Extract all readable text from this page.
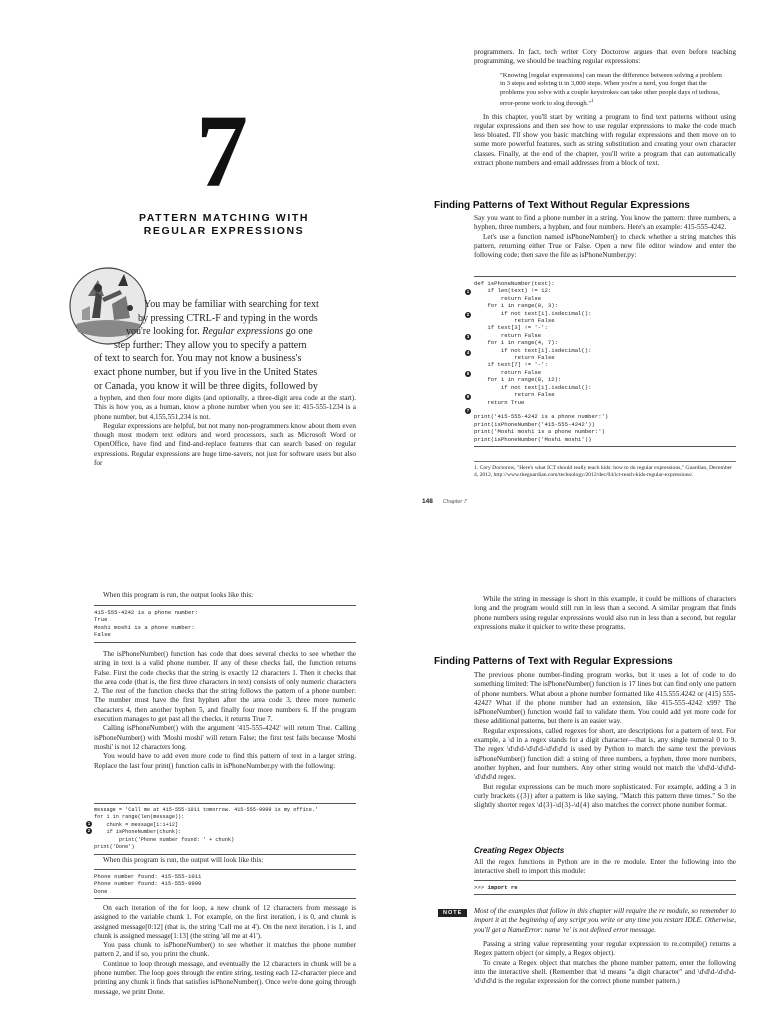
7
PATTERN MATCHING WITH
REGULAR EXPRESSIONS
You may be familiar with searching for text
by pressing CTRL-F and typing in the words
you're looking for. Regular expressions go one
step further: They allow you to specify a pattern
of text to search for. You may not know a business's
exact phone number, but if you live in the United States
or Canada, you know it will be three digits, followed by

a hyphen, and then four more digits (and optionally, a three-digit area code at the start). This is how you, as a human, know a phone number when you see it: 415-555-1234 is a phone number, but 4,155,551,234 is not.

Regular expressions are helpful, but not many non-programmers know about them even though most modern text editors and word processors, such as Microsoft Word or OpenOffice, have find and find-and-replace features that can search based on regular expressions. Regular expressions are huge time-savers, not just for software users but also for

programmers. In fact, tech writer Cory Doctorow argues that even before teaching programming, we should be teaching regular expressions:

"Knowing [regular expressions] can mean the difference between solving a problem in 3 steps and solving it in 3,000 steps. When you're a nerd, you forget that the problems you solve with a couple keystrokes can take other people days of tedious, error-prone work to slog through."$^1$

In this chapter, you'll start by writing a program to find text patterns without using regular expressions and then see how to use regular expressions to make the code much less bloated. I'll show you basic matching with regular expressions and then move on to some more powerful features, such as string substitution and creating your own character classes. Finally, at the end of the chapter, you'll write a program that can automatically extract phone numbers and email addresses from a block of text.

Finding Patterns of Text Without Regular Expressions

Say you want to find a phone number in a string. You know the pattern: three numbers, a hyphen, three numbers, a hyphen, and four numbers. Here's an example: 415-555-4242.

Let's use a function named isPhoneNumber() to check whether a string matches this pattern, returning either True or False. Open a new file editor window and enter the following code; then save the file as isPhoneNumber.py:

def isPhoneNumber(text):
if len(text) != 12:
return False
for i in range(0, 3):
if not text[i].isdecimal():
return False
if text[3] != '-':
return False
for i in range(4, 7):
if not text[i].isdecimal():
return False
if text[7] != '-':
return False
for i in range(8, 12):
if not text[i].isdecimal():
return False
return True

print('415-555-4242 is a phone number:')
print(isPhoneNumber('415-555-4242'))
print('Moshi moshi is a phone number:')
print(isPhoneNumber('Moshi moshi'))
1
2
3
4
5
6
7

1. Cory Doctorow, "Here's what ICT should really teach kids: how to do regular expressions," Guardian, December 4, 2012, http://www.theguardian.com/technology/2012/dec/04/ict-teach-kids-regular-expressions/.

148 Chapter 7

When this program is run, the output looks like this:

415-555-4242 is a phone number:
True
Moshi moshi is a phone number:
False

The isPhoneNumber() function has code that does several checks to see whether the string in text is a valid phone number. If any of these checks fail, the function returns False. First the code checks that the string is exactly 12 characters 1. Then it checks that the area code (that is, the first three characters in text) consists of only numeric characters 2. The rest of the function checks that the string follows the pattern of a phone number: The number must have the first hyphen after the area code 3, three more numeric characters 4, then another hyphen 5, and finally four more numbers 6. If the program execution manages to get past all the checks, it returns True 7.

Calling isPhoneNumber() with the argument '415-555-4242' will return True. Calling isPhoneNumber() with 'Moshi moshi' will return False; the first test fails because 'Moshi moshi' is not 12 characters long.

You would have to add even more code to find this pattern of text in a larger string. Replace the last four print() function calls in isPhoneNumber.py with the following:

message = 'Call me at 415-555-1011 tomorrow. 415-555-9999 is my office.'
for i in range(len(message)):
chunk = message[i:i+12]
if isPhoneNumber(chunk):
print('Phone number found: ' + chunk)
print('Done')
1
2

When this program is run, the output will look like this:

Phone number found: 415-555-1011
Phone number found: 415-555-9999
Done

On each iteration of the for loop, a new chunk of 12 characters from message is assigned to the variable chunk 1. For example, on the first iteration, i is 0, and chunk is assigned message[0:12] (that is, the string 'Call me at 4'). On the next iteration, i is 1, and chunk is assigned message[1:13] (the string 'all me at 41').

You pass chunk to isPhoneNumber() to see whether it matches the phone number pattern 2, and if so, you print the chunk.

Continue to loop through message, and eventually the 12 characters in chunk will be a phone number. The loop goes through the entire string, testing each 12-character piece and printing any chunk it finds that satisfies isPhoneNumber(). Once we're done going through message, we print Done.

While the string in message is short in this example, it could be millions of characters long and the program would still run in less than a second. A similar program that finds phone numbers using regular expressions would also run in less than a second, but regular expressions make it quicker to write these programs.

Finding Patterns of Text with Regular Expressions

The previous phone number-finding program works, but it uses a lot of code to do something limited: The isPhoneNumber() function is 17 lines but can find only one pattern of phone numbers. What about a phone number formatted like 415.555.4242 or (415) 555-4242? What if the phone number had an extension, like 415-555-4242 x99? The isPhoneNumber() function would fail to validate them. You could add yet more code for these additional patterns, but there is an easier way.

Regular expressions, called regexes for short, are descriptions for a pattern of text. For example, a \d in a regex stands for a digit character—that is, any single numeral 0 to 9. The regex \d\d\d-\d\d\d-\d\d\d\d is used by Python to match the same text the previous isPhoneNumber() function did: a string of three numbers, a hyphen, three more numbers, another hyphen, and four numbers. Any other string would not match the \d\d\d-\d\d\d-\d\d\d\d regex.

But regular expressions can be much more sophisticated. For example, adding a 3 in curly brackets ({3}) after a pattern is like saying, "Match this pattern three times." So the slightly shorter regex \d{3}-\d{3}-\d{4} also matches the correct phone number format.

Creating Regex Objects

All the regex functions in Python are in the re module. Enter the following into the interactive shell to import this module:

>>> import re
NOTE	Most of the examples that follow in this chapter will require the re module, so remember to import it at the beginning of any script you write or any time you restart IDLE. Otherwise, you'll get a NameError: name 're' is not defined error message.

Passing a string value representing your regular expression to re.compile() returns a Regex pattern object (or simply, a Regex object).

To create a Regex object that matches the phone number pattern, enter the following into the interactive shell. (Remember that \d means "a digit character" and \d\d\d-\d\d\d-\d\d\d\d is the regular expression for the correct phone number pattern.)
